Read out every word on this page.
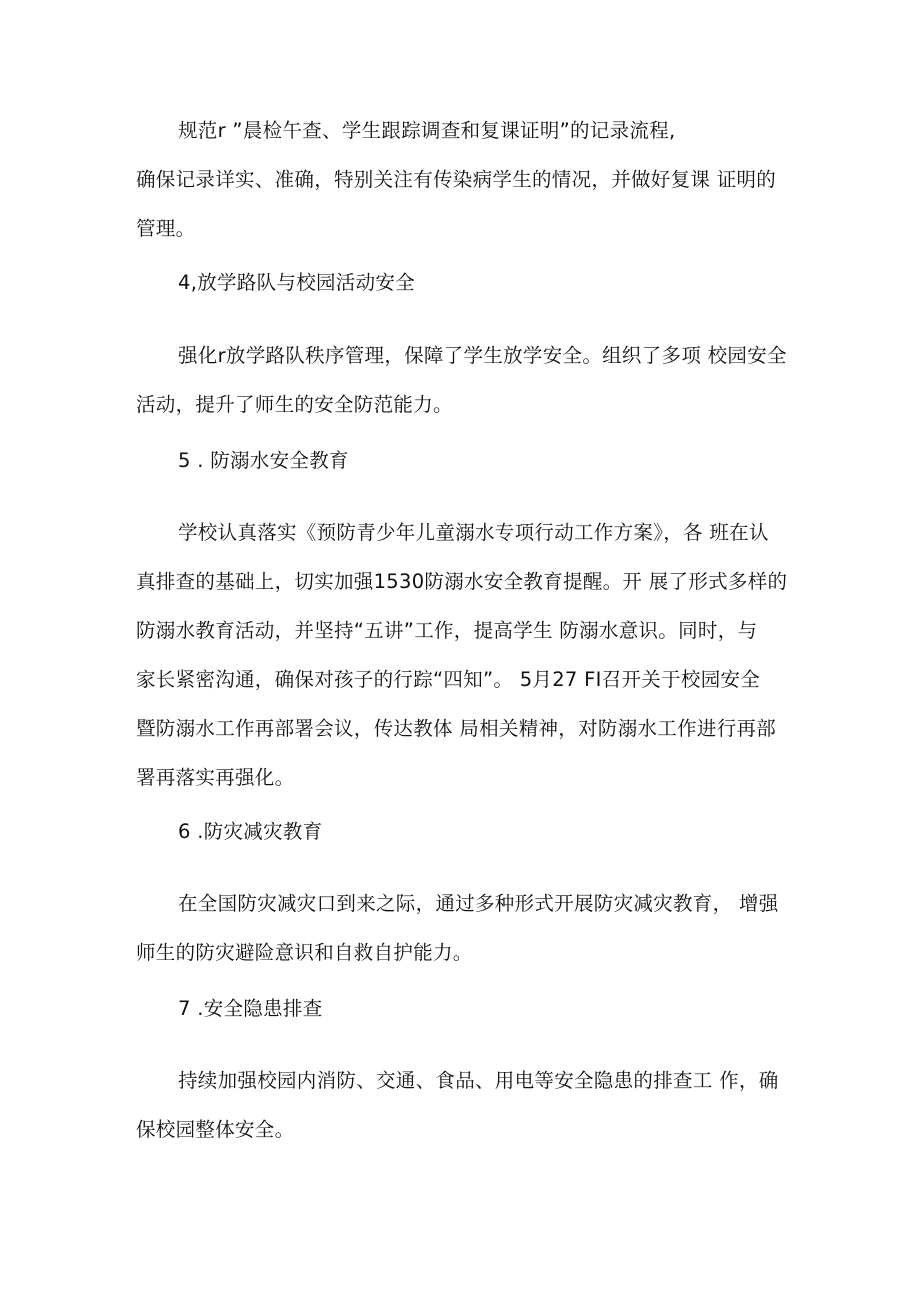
规范r ”晨检午查、学生跟踪调查和复课证明”的记录流程,
确保记录详实、准确，特别关注有传染病学生的情况，并做好复课 证明的
管理。
4,放学路队与校园活动安全
强化r放学路队秩序管理，保障了学生放学安全。组织了多项 校园安全
活动，提升了师生的安全防范能力。
5 . 防溺水安全教育
学校认真落实《预防青少年儿童溺水专项行动工作方案》，各 班在认
真排查的基础上，切实加强1530防溺水安全教育提醒。开 展了形式多样的
防溺水教育活动，并坚持“五讲”工作，提高学生 防溺水意识。同时，与
家长紧密沟通，确保对孩子的行踪“四知”。 5月27 FI召开关于校园安全
暨防溺水工作再部署会议，传达教体 局相关精神，对防溺水工作进行再部
署再落实再强化。
6 .防灾减灾教育
在全国防灾减灾口到来之际，通过多种形式开展防灾减灾教育， 增强
师生的防灾避险意识和自救自护能力。
7 .安全隐患排查
持续加强校园内消防、交通、食品、用电等安全隐患的排查工 作，确
保校园整体安全。
